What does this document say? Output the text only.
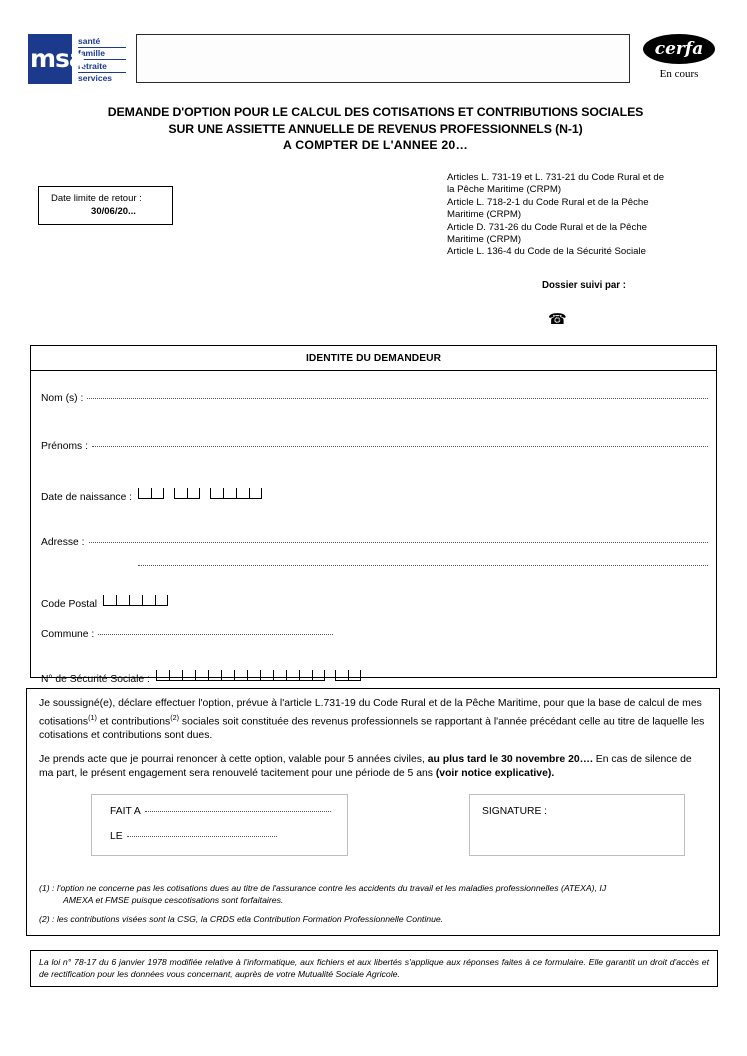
msa
santé
famille
retraite
services
cerfa
En cours
DEMANDE D'OPTION POUR LE CALCUL DES COTISATIONS ET CONTRIBUTIONS SOCIALES
SUR UNE ASSIETTE ANNUELLE DE REVENUS PROFESSIONNELS (N-1)
A COMPTER DE L'ANNEE 20…
Date limite de retour :
30/06/20...
Articles L. 731-19 et L. 731-21 du Code Rural et de
la Pêche Maritime (CRPM)
Article L. 718-2-1 du Code Rural et de la Pêche
Maritime (CRPM)
Article D. 731-26 du Code Rural et de la Pêche
Maritime (CRPM)
Article L. 136-4 du Code de la Sécurité Sociale
Dossier suivi par :
☎
IDENTITE DU DEMANDEUR
Nom (s) :
Prénoms :
Date de naissance :
Adresse :
Code Postal
Commune :
N° de Sécurité Sociale :
Je soussigné(e), déclare effectuer l'option, prévue à l'article L.731-19 du Code Rural et de la Pêche Maritime, pour que la base de calcul de mes cotisations$^{(1)}$ et contributions$^{(2)}$ sociales soit constituée des revenus professionnels se rapportant à l'année précédant celle au titre de laquelle les cotisations et contributions sont dues.
Je prends acte que je pourrai renoncer à cette option, valable pour 5 années civiles, au plus tard le 30 novembre 20…. En cas de silence de ma part, le présent engagement sera renouvelé tacitement pour une période de 5 ans (voir notice explicative).
FAIT A
LE
SIGNATURE :
(1) : l'option ne concerne pas les cotisations dues au titre de l'assurance contre les accidents du travail et les maladies professionnelles (ATEXA), IJ
AMEXA et FMSE puisque cescotisations sont forfaitaires.
(2) : les contributions visées sont la CSG, la CRDS etla Contribution Formation Professionnelle Continue.
La loi n° 78-17 du 6 janvier 1978 modifiée relative à l'informatique, aux fichiers et aux libertés s'applique aux réponses faites à ce formulaire. Elle garantit un droit d'accès et de rectification pour les données vous concernant, auprès de votre Mutualité Sociale Agricole.
